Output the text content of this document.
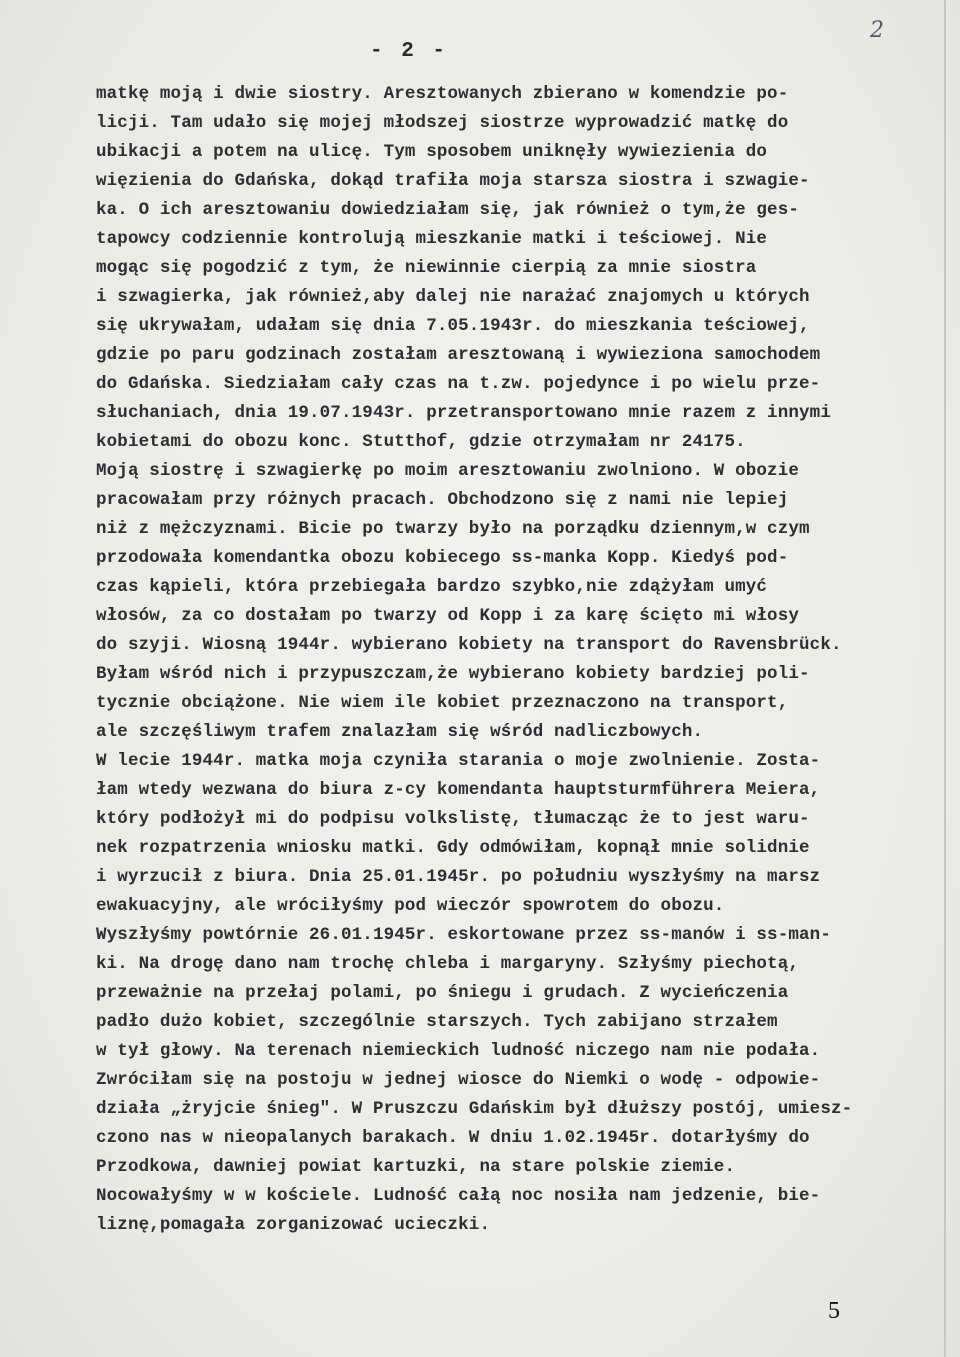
- 2 -
2
matkę moją i dwie siostry. Aresztowanych zbierano w komendzie po-
licji. Tam udało się mojej młodszej siostrze wyprowadzić matkę do
ubikacji a potem na ulicę. Tym sposobem uniknęły wywiezienia do
więzienia do Gdańska, dokąd trafiła moja starsza siostra i szwagie-
ka. O ich aresztowaniu dowiedziałam się, jak również o tym,że ges-
tapowcy codziennie kontrolują mieszkanie matki i teściowej. Nie
mogąc się pogodzić z tym, że niewinnie cierpią za mnie siostra
i szwagierka, jak również,aby dalej nie narażać znajomych u których
się ukrywałam, udałam się dnia 7.05.1943r. do mieszkania teściowej,
gdzie po paru godzinach zostałam aresztowaną i wywieziona samochodem
do Gdańska. Siedziałam cały czas na t.zw. pojedynce i po wielu prze-
słuchaniach, dnia 19.07.1943r. przetransportowano mnie razem z innymi
kobietami do obozu konc. Stutthof, gdzie otrzymałam nr 24175.
Moją siostrę i szwagierkę po moim aresztowaniu zwolniono. W obozie
pracowałam przy różnych pracach. Obchodzono się z nami nie lepiej
niż z mężczyznami. Bicie po twarzy było na porządku dziennym,w czym
przodowała komendantka obozu kobiecego ss-manka Kopp. Kiedyś pod-
czas kąpieli, która przebiegała bardzo szybko,nie zdążyłam umyć
włosów, za co dostałam po twarzy od Kopp i za karę ścięto mi włosy
do szyji. Wiosną 1944r. wybierano kobiety na transport do Ravensbrück.
Byłam wśród nich i przypuszczam,że wybierano kobiety bardziej poli-
tycznie obciążone. Nie wiem ile kobiet przeznaczono na transport,
ale szczęśliwym trafem znalazłam się wśród nadliczbowych.
W lecie 1944r. matka moja czyniła starania o moje zwolnienie. Zosta-
łam wtedy wezwana do biura z-cy komendanta hauptsturmführera Meiera,
który podłożył mi do podpisu volkslistę, tłumacząc że to jest waru-
nek rozpatrzenia wniosku matki. Gdy odmówiłam, kopnął mnie solidnie
i wyrzucił z biura. Dnia 25.01.1945r. po południu wyszłyśmy na marsz
ewakuacyjny, ale wróciłyśmy pod wieczór spowrotem do obozu.
Wyszłyśmy powtórnie 26.01.1945r. eskortowane przez ss-manów i ss-man-
ki. Na drogę dano nam trochę chleba i margaryny. Szłyśmy piechotą,
przeważnie na przełaj polami, po śniegu i grudach. Z wycieńczenia
padło dużo kobiet, szczególnie starszych. Tych zabijano strzałem
w tył głowy. Na terenach niemieckich ludność niczego nam nie podała.
Zwróciłam się na postoju w jednej wiosce do Niemki o wodę - odpowie-
działa „żryjcie śnieg". W Pruszczu Gdańskim był dłuższy postój, umiesz-
czono nas w nieopalanych barakach. W dniu 1.02.1945r. dotarłyśmy do
Przodkowa, dawniej powiat kartuzki, na stare polskie ziemie.
Nocowałyśmy w w kościele. Ludność całą noc nosiła nam jedzenie, bie-
liznę,pomagała zorganizować ucieczki.
5
